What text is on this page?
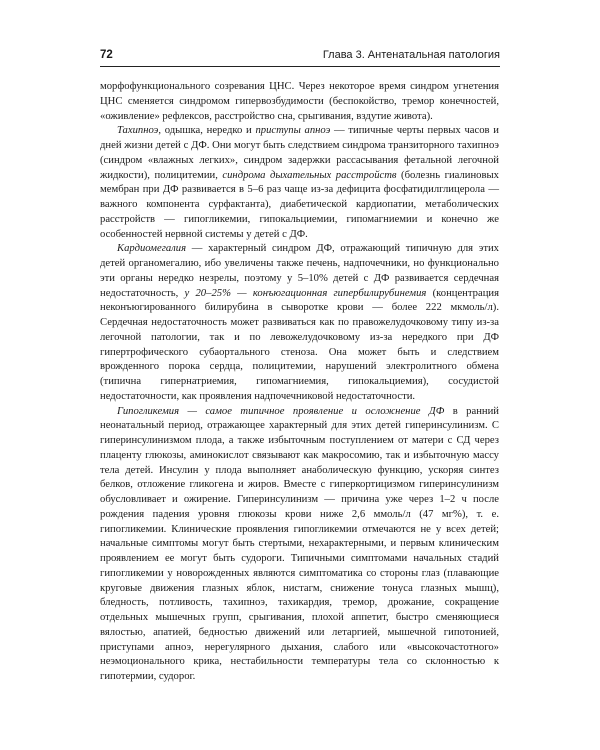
72	Глава 3. Антенатальная патология

морфофункционального созревания ЦНС. Через некоторое время синдром угнетения ЦНС сменяется синдромом гипервозбудимости (беспокойство, тремор конечностей, «оживление» рефлексов, расстройство сна, срыгивания, вздутие живота).

Тахипноэ, одышка, нередко и приступы апноэ — типичные черты первых часов и дней жизни детей с ДФ. Они могут быть следствием синдрома транзиторного тахипноэ (синдром «влажных легких», синдром задержки рассасывания фетальной легочной жидкости), полицитемии, синдрома дыхательных расстройств (болезнь гиалиновых мембран при ДФ развивается в 5–6 раз чаще из-за дефицита фосфатидилглицерола — важного компонента сурфактанта), диабетической кардиопатии, метаболических расстройств — гипогликемии, гипокальциемии, гипомагниемии и конечно же особенностей нервной системы у детей с ДФ.

Кардиомегалия — характерный синдром ДФ, отражающий типичную для этих детей органомегалию, ибо увеличены также печень, надпочечники, но функционально эти органы нередко незрелы, поэтому у 5–10% детей с ДФ развивается сердечная недостаточность, у 20–25% — конъюгационная гипербилирубинемия (концентрация неконъюгированного билирубина в сыворотке крови — более 222 мкмоль/л). Сердечная недостаточность может развиваться как по правожелудочковому типу из-за легочной патологии, так и по левожелудочковому из-за нередкого при ДФ гипертрофического субаортального стеноза. Она может быть и следствием врожденного порока сердца, полицитемии, нарушений электролитного обмена (типична гипернатриемия, гипомагниемия, гипокальциемия), сосудистой недостаточности, как проявления надпочечниковой недостаточности.

Гипогликемия — самое типичное проявление и осложнение ДФ в ранний неонатальный период, отражающее характерный для этих детей гиперинсулинизм. С гиперинсулинизмом плода, а также избыточным поступлением от матери с СД через плаценту глюкозы, аминокислот связывают как макросомию, так и избыточную массу тела детей. Инсулин у плода выполняет анаболическую функцию, ускоряя синтез белков, отложение гликогена и жиров. Вместе с гиперкортицизмом гиперинсулинизм обусловливает и ожирение. Гиперинсулинизм — причина уже через 1–2 ч после рождения падения уровня глюкозы крови ниже 2,6 ммоль/л (47 мг%), т. е. гипогликемии. Клинические проявления гипогликемии отмечаются не у всех детей; начальные симптомы могут быть стертыми, нехарактерными, и первым клиническим проявлением ее могут быть судороги. Типичными симптомами начальных стадий гипогликемии у новорожденных являются симптоматика со стороны глаз (плавающие круговые движения глазных яблок, нистагм, снижение тонуса глазных мышц), бледность, потливость, тахипноэ, тахикардия, тремор, дрожание, сокращение отдельных мышечных групп, срыгивания, плохой аппетит, быстро сменяющиеся вялостью, апатией, бедностью движений или летаргией, мышечной гипотонией, приступами апноэ, нерегулярного дыхания, слабого или «высокочастотного» неэмоционального крика, нестабильности температуры тела со склонностью к гипотермии, судорог.
